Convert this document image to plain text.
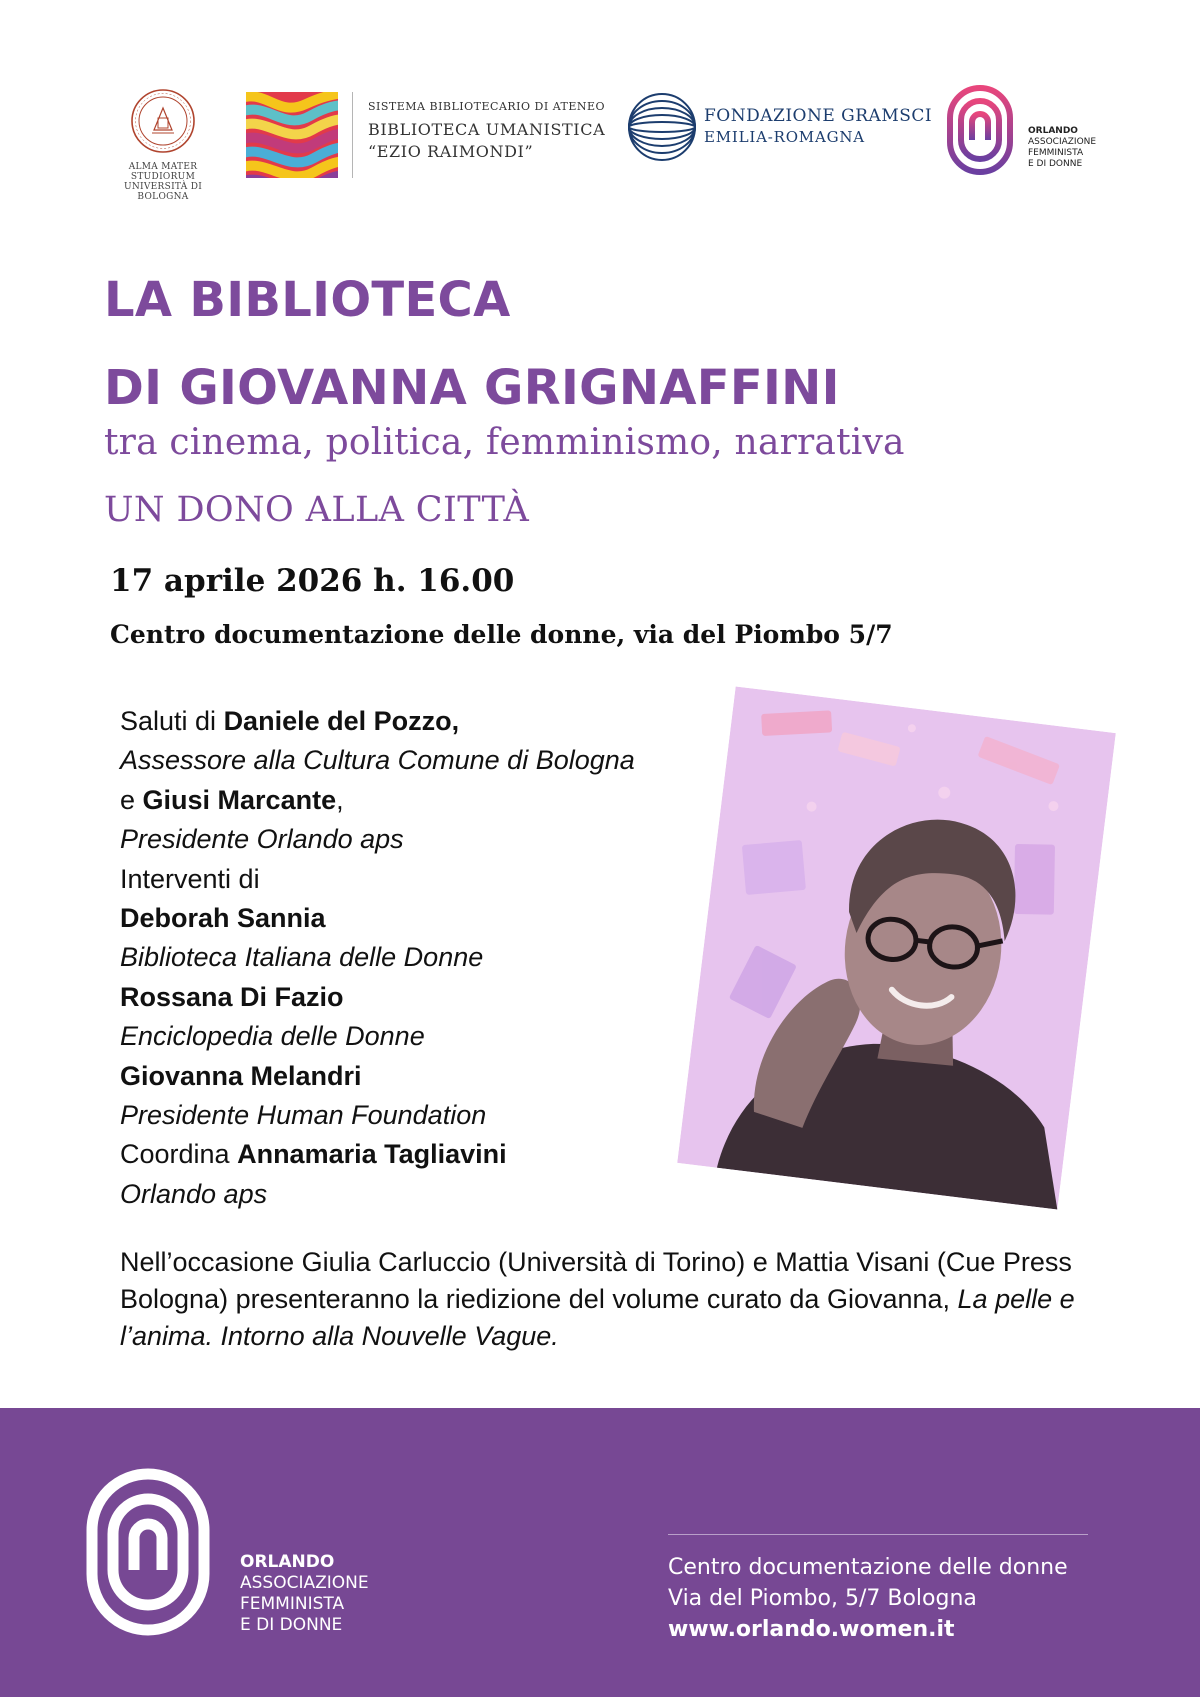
ALMA MATER STUDIORUM
UNIVERSITÀ DI BOLOGNA
SISTEMA BIBLIOTECARIO DI ATENEO
BIBLIOTECA UMANISTICA
“EZIO RAIMONDI”
FONDAZIONE GRAMSCI
EMILIA-ROMAGNA	ORLANDO
ASSOCIAZIONE
FEMMINISTA
E DI DONNE
LA BIBLIOTECA
DI GIOVANNA GRIGNAFFINI
tra cinema, politica, femminismo, narrativa
UN DONO ALLA CITTÀ
17 aprile 2026 h. 16.00
Centro documentazione delle donne, via del Piombo 5/7
Saluti di Daniele del Pozzo,
Assessore alla Cultura Comune di Bologna
e Giusi Marcante,
Presidente Orlando aps
Interventi di
Deborah Sannia
Biblioteca Italiana delle Donne
Rossana Di Fazio
Enciclopedia delle Donne
Giovanna Melandri
Presidente Human Foundation
Coordina Annamaria Tagliavini
Orlando aps
Nell’occasione Giulia Carluccio (Università di Torino) e Mattia Visani (Cue Press Bologna) presenteranno la riedizione del volume curato da Giovanna, La pelle e l’anima. Intorno alla Nouvelle Vague.
ORLANDO
ASSOCIAZIONE
FEMMINISTA
E DI DONNE
Centro documentazione delle donne
Via del Piombo, 5/7 Bologna
www.orlando.women.it
